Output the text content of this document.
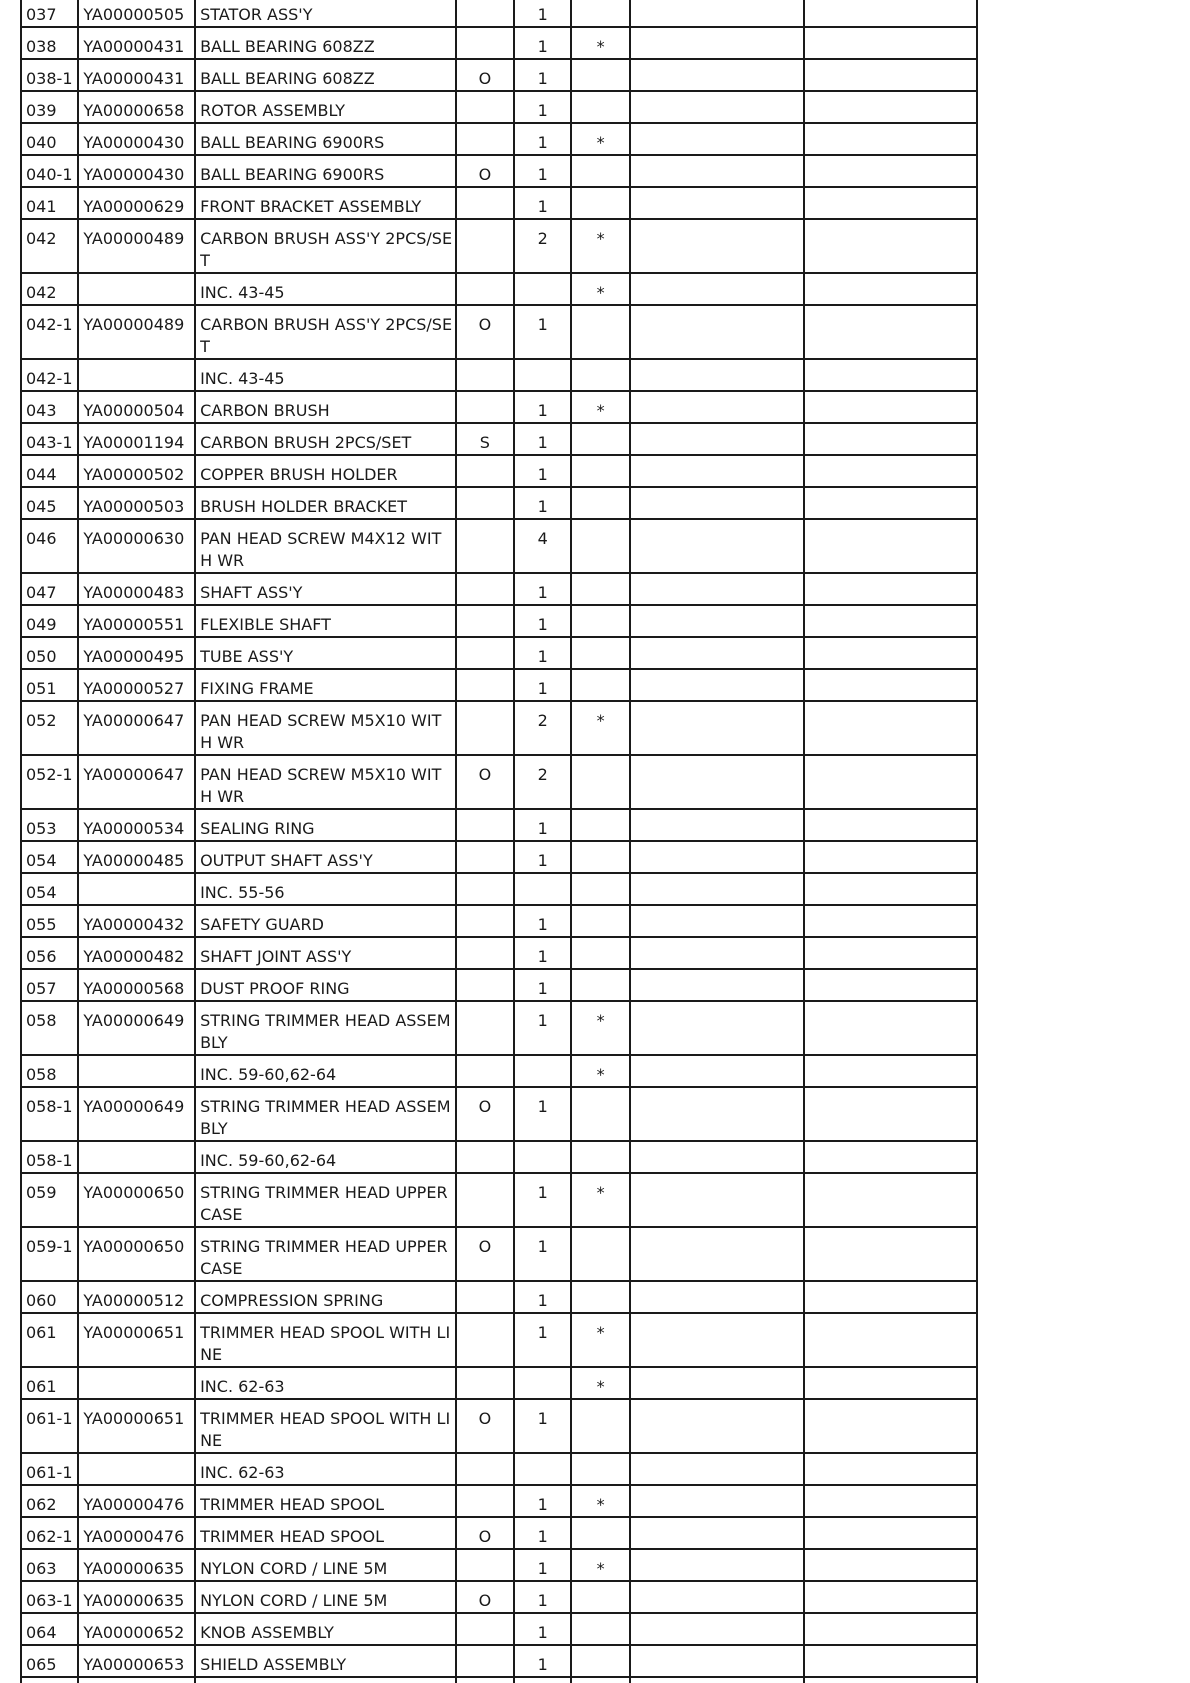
037	YA00000505	STATOR ASS'Y		1			
038	YA00000431	BALL BEARING 608ZZ		1	*		
038-1	YA00000431	BALL BEARING 608ZZ	O	1			
039	YA00000658	ROTOR ASSEMBLY		1			
040	YA00000430	BALL BEARING 6900RS		1	*		
040-1	YA00000430	BALL BEARING 6900RS	O	1			
041	YA00000629	FRONT BRACKET ASSEMBLY		1			
042	YA00000489	CARBON BRUSH ASS'Y 2PCS/SET		2	*		
042		INC. 43-45			*		
042-1	YA00000489	CARBON BRUSH ASS'Y 2PCS/SET	O	1			
042-1		INC. 43-45					
043	YA00000504	CARBON BRUSH		1	*		
043-1	YA00001194	CARBON BRUSH 2PCS/SET	S	1			
044	YA00000502	COPPER BRUSH HOLDER		1			
045	YA00000503	BRUSH HOLDER BRACKET		1			
046	YA00000630	PAN HEAD SCREW M4X12 WITH WR		4			
047	YA00000483	SHAFT ASS'Y		1			
049	YA00000551	FLEXIBLE SHAFT		1			
050	YA00000495	TUBE ASS'Y		1			
051	YA00000527	FIXING FRAME		1			
052	YA00000647	PAN HEAD SCREW M5X10 WITH WR		2	*		
052-1	YA00000647	PAN HEAD SCREW M5X10 WITH WR	O	2			
053	YA00000534	SEALING RING		1			
054	YA00000485	OUTPUT SHAFT ASS'Y		1			
054		INC. 55-56					
055	YA00000432	SAFETY GUARD		1			
056	YA00000482	SHAFT JOINT ASS'Y		1			
057	YA00000568	DUST PROOF RING		1			
058	YA00000649	STRING TRIMMER HEAD ASSEMBLY		1	*		
058		INC. 59-60,62-64			*		
058-1	YA00000649	STRING TRIMMER HEAD ASSEMBLY	O	1			
058-1		INC. 59-60,62-64					
059	YA00000650	STRING TRIMMER HEAD UPPER CASE		1	*		
059-1	YA00000650	STRING TRIMMER HEAD UPPER CASE	O	1			
060	YA00000512	COMPRESSION SPRING		1			
061	YA00000651	TRIMMER HEAD SPOOL WITH LINE		1	*		
061		INC. 62-63			*		
061-1	YA00000651	TRIMMER HEAD SPOOL WITH LINE	O	1			
061-1		INC. 62-63					
062	YA00000476	TRIMMER HEAD SPOOL		1	*		
062-1	YA00000476	TRIMMER HEAD SPOOL	O	1			
063	YA00000635	NYLON CORD / LINE 5M		1	*		
063-1	YA00000635	NYLON CORD / LINE 5M	O	1			
064	YA00000652	KNOB ASSEMBLY		1			
065	YA00000653	SHIELD ASSEMBLY		1			
